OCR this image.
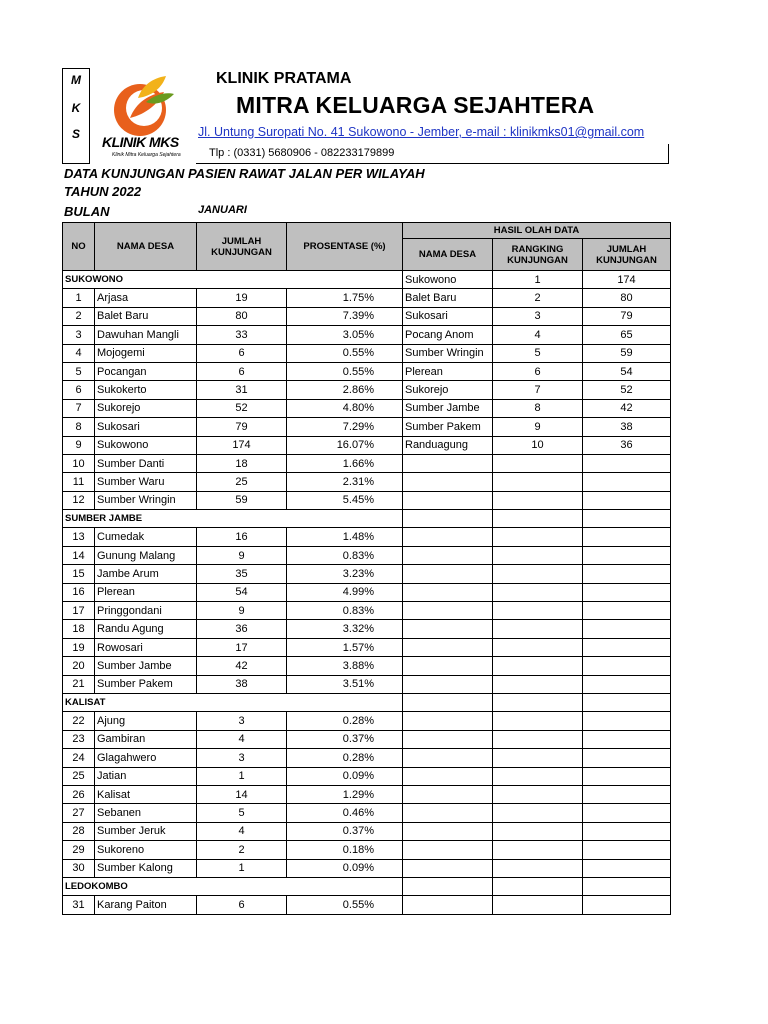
M
K
S	KLINIK MKS
Klinik Mitra Keluarga Sejahtera
KLINIK PRATAMA
MITRA KELUARGA SEJAHTERA
Jl. Untung Suropati No. 41 Sukowono - Jember, e-mail : klinikmks01@gmail.com
Tlp : (0331) 5680906 - 082233179899
DATA KUNJUNGAN PASIEN RAWAT JALAN PER WILAYAH
TAHUN 2022
BULAN	JANUARI
NO	NAMA DESA	JUMLAH KUNJUNGAN	PROSENTASE (%)	HASIL OLAH DATA		
				NAMA DESA	RANGKING KUNJUNGAN	JUMLAH KUNJUNGAN
SUKOWONO				Sukowono	1	174
1	Arjasa	19	1.75%	Balet Baru	2	80
2	Balet Baru	80	7.39%	Sukosari	3	79
3	Dawuhan Mangli	33	3.05%	Pocang Anom	4	65
4	Mojogemi	6	0.55%	Sumber Wringin	5	59
5	Pocangan	6	0.55%	Plerean	6	54
6	Sukokerto	31	2.86%	Sukorejo	7	52
7	Sukorejo	52	4.80%	Sumber Jambe	8	42
8	Sukosari	79	7.29%	Sumber Pakem	9	38
9	Sukowono	174	16.07%	Randuagung	10	36
10	Sumber Danti	18	1.66%			
11	Sumber Waru	25	2.31%			
12	Sumber Wringin	59	5.45%			
SUMBER JAMBE						
13	Cumedak	16	1.48%			
14	Gunung Malang	9	0.83%			
15	Jambe Arum	35	3.23%			
16	Plerean	54	4.99%			
17	Pringgondani	9	0.83%			
18	Randu Agung	36	3.32%			
19	Rowosari	17	1.57%			
20	Sumber Jambe	42	3.88%			
21	Sumber Pakem	38	3.51%			
KALISAT						
22	Ajung	3	0.28%			
23	Gambiran	4	0.37%			
24	Glagahwero	3	0.28%			
25	Jatian	1	0.09%			
26	Kalisat	14	1.29%			
27	Sebanen	5	0.46%			
28	Sumber Jeruk	4	0.37%			
29	Sukoreno	2	0.18%			
30	Sumber Kalong	1	0.09%			
LEDOKOMBO						
31	Karang Paiton	6	0.55%			
